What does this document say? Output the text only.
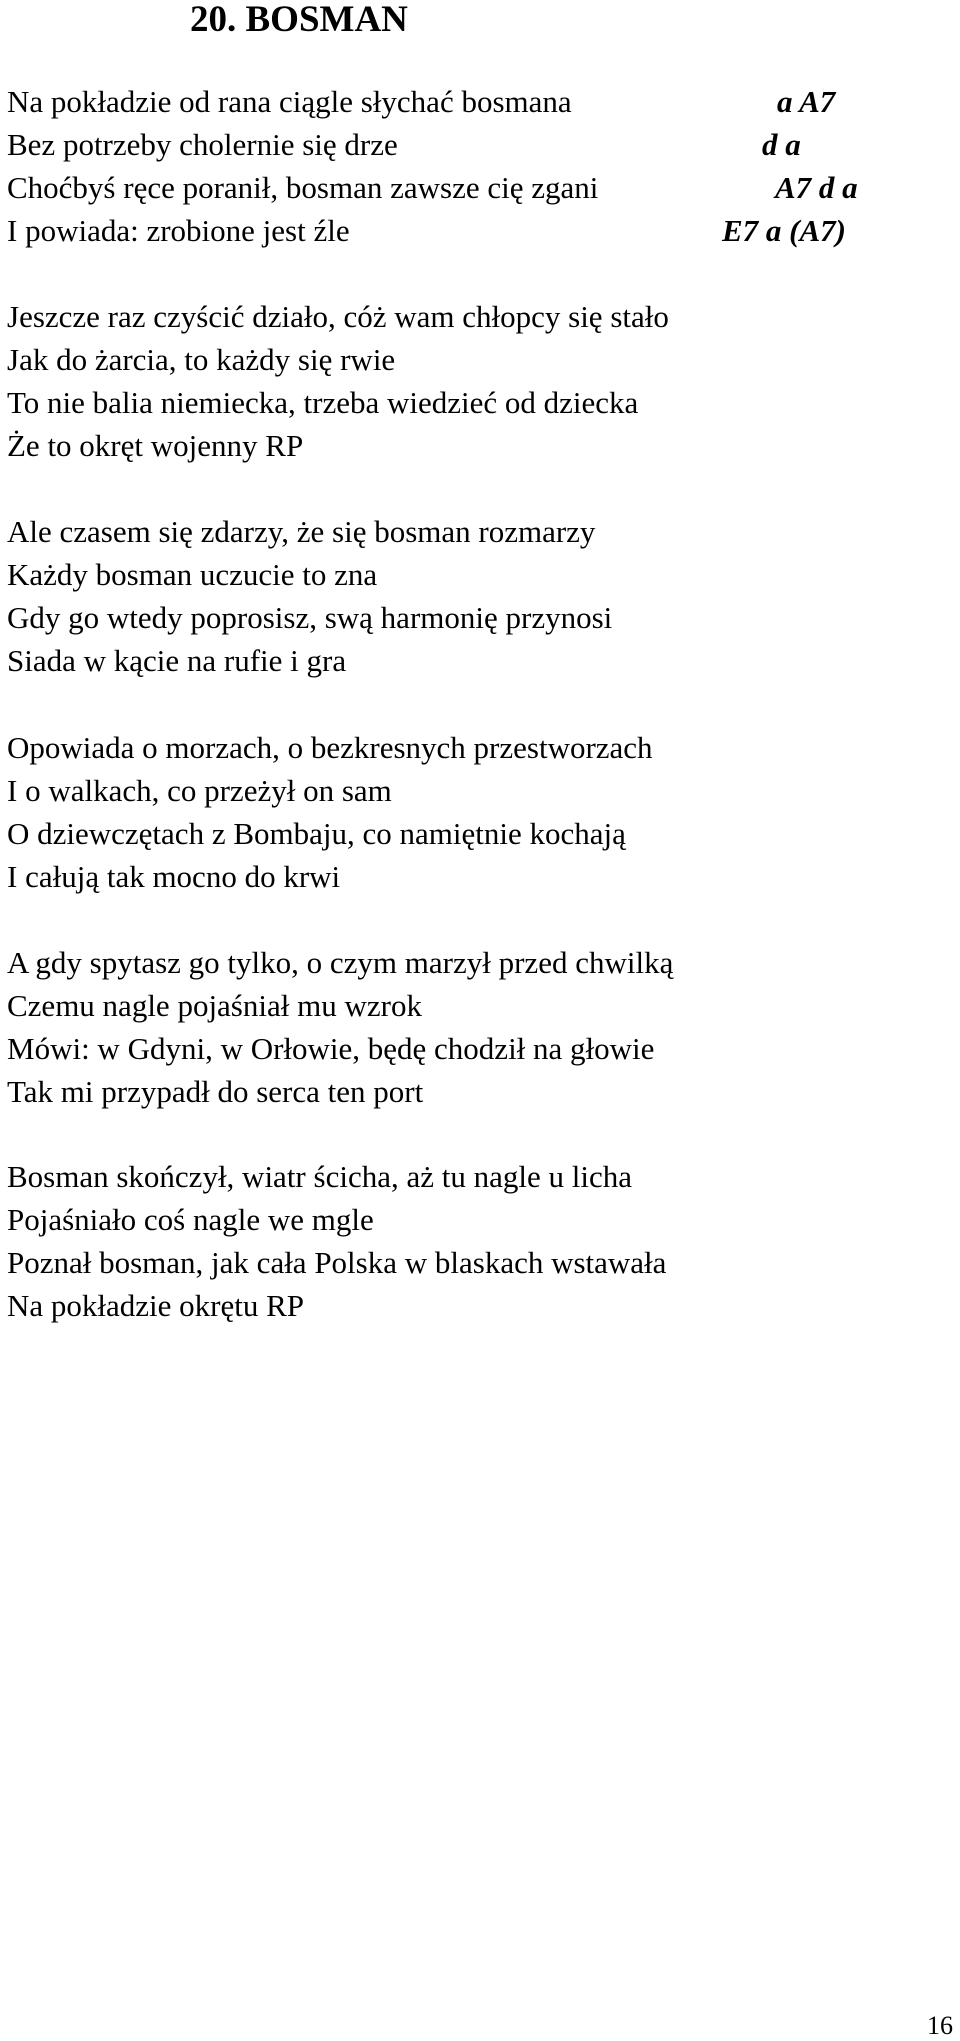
20. BOSMAN
Na pokładzie od rana ciągle słychać bosmana	a A7
Bez potrzeby cholernie się drze	d a
Choćbyś ręce poranił, bosman zawsze cię zgani	A7 d a
I powiada: zrobione jest źle	E7 a (A7)
Jeszcze raz czyścić działo, cóż wam chłopcy się stało
Jak do żarcia, to każdy się rwie
To nie balia niemiecka, trzeba wiedzieć od dziecka
Że to okręt wojenny RP
Ale czasem się zdarzy, że się bosman rozmarzy
Każdy bosman uczucie to zna
Gdy go wtedy poprosisz, swą harmonię przynosi
Siada w kącie na rufie i gra
Opowiada o morzach, o bezkresnych przestworzach
I o walkach, co przeżył on sam
O dziewczętach z Bombaju, co namiętnie kochają
I całują tak mocno do krwi
A gdy spytasz go tylko, o czym marzył przed chwilką
Czemu nagle pojaśniał mu wzrok
Mówi: w Gdyni, w Orłowie, będę chodził na głowie
Tak mi przypadł do serca ten port
Bosman skończył, wiatr ścicha, aż tu nagle u licha
Pojaśniało coś nagle we mgle
Poznał bosman, jak cała Polska w blaskach wstawała
Na pokładzie okrętu RP
16
